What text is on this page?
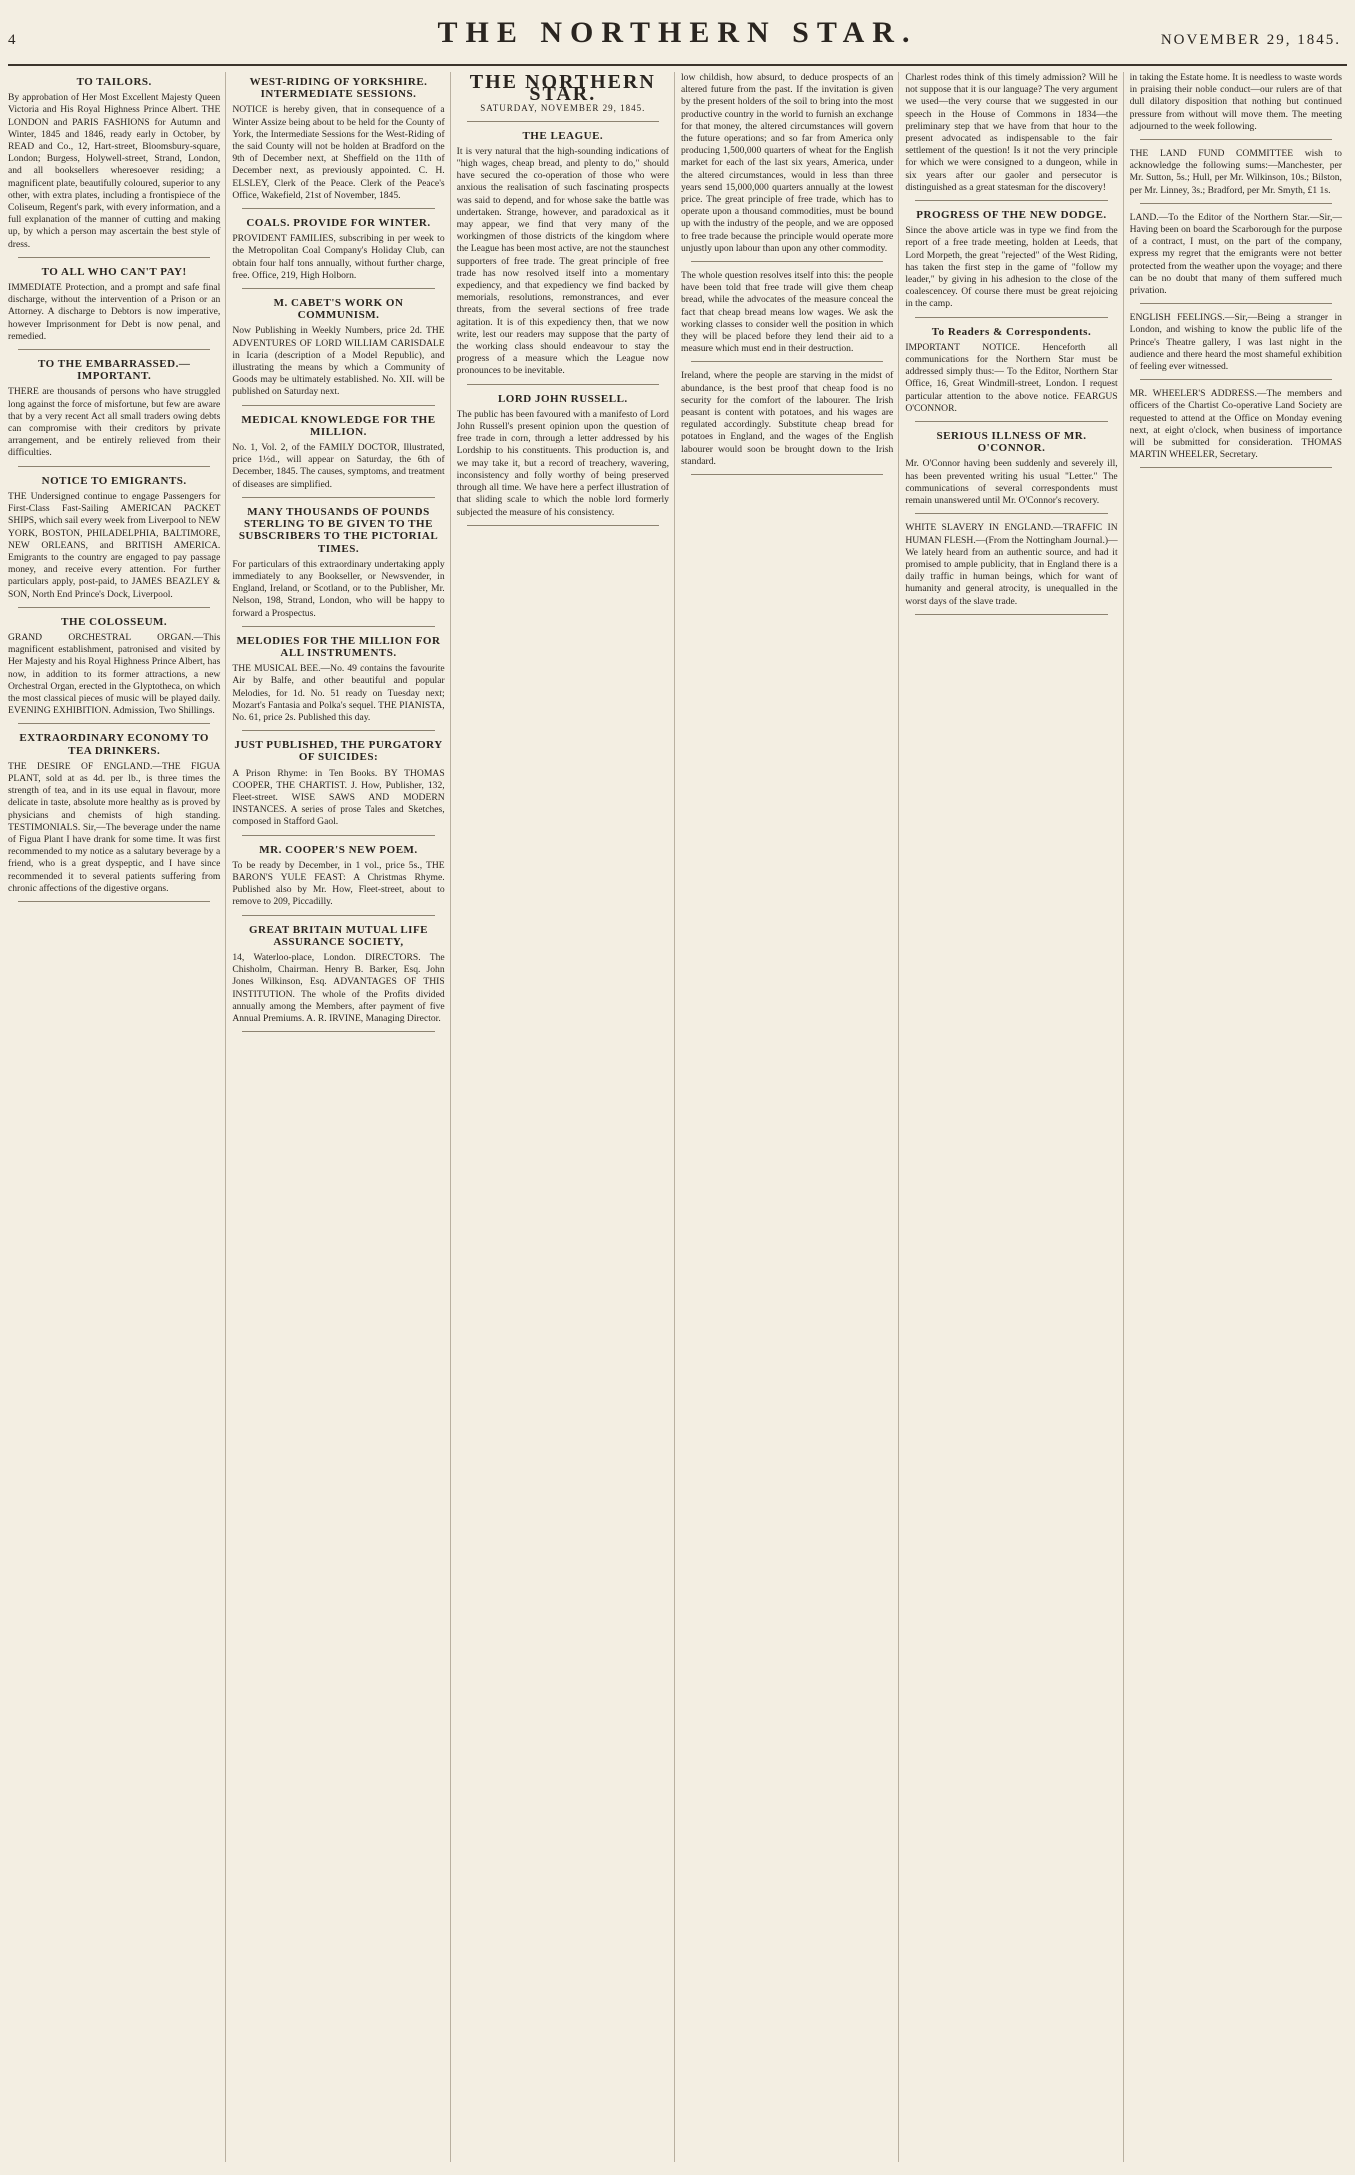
4	THE NORTHERN STAR.	NOVEMBER 29, 1845.
TO TAILORS.

By approbation of Her Most Excellent Majesty Queen Victoria and His Royal Highness Prince Albert. THE LONDON and PARIS FASHIONS for Autumn and Winter, 1845 and 1846, ready early in October, by READ and Co., 12, Hart-street, Bloomsbury-square, London; Burgess, Holywell-street, Strand, London, and all booksellers wheresoever residing; a magnificent plate, beautifully coloured, superior to any other, with extra plates, including a frontispiece of the Coliseum, Regent's park, with every information, and a full explanation of the manner of cutting and making up, by which a person may ascertain the best style of dress.

TO ALL WHO CAN'T PAY!

IMMEDIATE Protection, and a prompt and safe final discharge, without the intervention of a Prison or an Attorney. A discharge to Debtors is now imperative, however Imprisonment for Debt is now penal, and remedied.

TO THE EMBARRASSED.—IMPORTANT.

THERE are thousands of persons who have struggled long against the force of misfortune, but few are aware that by a very recent Act all small traders owing debts can compromise with their creditors by private arrangement, and be entirely relieved from their difficulties.

NOTICE TO EMIGRANTS.

THE Undersigned continue to engage Passengers for First-Class Fast-Sailing AMERICAN PACKET SHIPS, which sail every week from Liverpool to NEW YORK, BOSTON, PHILADELPHIA, BALTIMORE, NEW ORLEANS, and BRITISH AMERICA. Emigrants to the country are engaged to pay passage money, and receive every attention. For further particulars apply, post-paid, to JAMES BEAZLEY & SON, North End Prince's Dock, Liverpool.

THE COLOSSEUM.

GRAND ORCHESTRAL ORGAN.—This magnificent establishment, patronised and visited by Her Majesty and his Royal Highness Prince Albert, has now, in addition to its former attractions, a new Orchestral Organ, erected in the Glyptotheca, on which the most classical pieces of music will be played daily. EVENING EXHIBITION. Admission, Two Shillings.

EXTRAORDINARY ECONOMY TO TEA DRINKERS.

THE DESIRE OF ENGLAND.—THE FIGUA PLANT, sold at as 4d. per lb., is three times the strength of tea, and in its use equal in flavour, more delicate in taste, absolute more healthy as is proved by physicians and chemists of high standing. TESTIMONIALS. Sir,—The beverage under the name of Figua Plant I have drank for some time. It was first recommended to my notice as a salutary beverage by a friend, who is a great dyspeptic, and I have since recommended it to several patients suffering from chronic affections of the digestive organs.

WEST-RIDING OF YORKSHIRE. INTERMEDIATE SESSIONS.

NOTICE is hereby given, that in consequence of a Winter Assize being about to be held for the County of York, the Intermediate Sessions for the West-Riding of the said County will not be holden at Bradford on the 9th of December next, at Sheffield on the 11th of December next, as previously appointed. C. H. ELSLEY, Clerk of the Peace. Clerk of the Peace's Office, Wakefield, 21st of November, 1845.

COALS. PROVIDE FOR WINTER.

PROVIDENT FAMILIES, subscribing in per week to the Metropolitan Coal Company's Holiday Club, can obtain four half tons annually, without further charge, free. Office, 219, High Holborn.

M. CABET'S WORK ON COMMUNISM.

Now Publishing in Weekly Numbers, price 2d. THE ADVENTURES OF LORD WILLIAM CARISDALE in Icaria (description of a Model Republic), and illustrating the means by which a Community of Goods may be ultimately established. No. XII. will be published on Saturday next.

MEDICAL KNOWLEDGE FOR THE MILLION.

No. 1, Vol. 2, of the FAMILY DOCTOR, Illustrated, price 1½d., will appear on Saturday, the 6th of December, 1845. The causes, symptoms, and treatment of diseases are simplified.

MANY THOUSANDS OF POUNDS STERLING TO BE GIVEN TO THE SUBSCRIBERS TO THE PICTORIAL TIMES.

For particulars of this extraordinary undertaking apply immediately to any Bookseller, or Newsvender, in England, Ireland, or Scotland, or to the Publisher, Mr. Nelson, 198, Strand, London, who will be happy to forward a Prospectus.

MELODIES FOR THE MILLION FOR ALL INSTRUMENTS.

THE MUSICAL BEE.—No. 49 contains the favourite Air by Balfe, and other beautiful and popular Melodies, for 1d. No. 51 ready on Tuesday next; Mozart's Fantasia and Polka's sequel. THE PIANISTA, No. 61, price 2s. Published this day.

JUST PUBLISHED, THE PURGATORY OF SUICIDES:

A Prison Rhyme: in Ten Books. BY THOMAS COOPER, THE CHARTIST. J. How, Publisher, 132, Fleet-street. WISE SAWS AND MODERN INSTANCES. A series of prose Tales and Sketches, composed in Stafford Gaol.

MR. COOPER'S NEW POEM.

To be ready by December, in 1 vol., price 5s., THE BARON'S YULE FEAST: A Christmas Rhyme. Published also by Mr. How, Fleet-street, about to remove to 209, Piccadilly.

GREAT BRITAIN MUTUAL LIFE ASSURANCE SOCIETY,

14, Waterloo-place, London. DIRECTORS. The Chisholm, Chairman. Henry B. Barker, Esq. John Jones Wilkinson, Esq. ADVANTAGES OF THIS INSTITUTION. The whole of the Profits divided annually among the Members, after payment of five Annual Premiums. A. R. IRVINE, Managing Director.

THE NORTHERN STAR.

SATURDAY, NOVEMBER 29, 1845.

THE LEAGUE.

It is very natural that the high-sounding indications of "high wages, cheap bread, and plenty to do," should have secured the co-operation of those who were anxious the realisation of such fascinating prospects was said to depend, and for whose sake the battle was undertaken. Strange, however, and paradoxical as it may appear, we find that very many of the workingmen of those districts of the kingdom where the League has been most active, are not the staunchest supporters of free trade. The great principle of free trade has now resolved itself into a momentary expediency, and that expediency we find backed by memorials, resolutions, remonstrances, and ever threats, from the several sections of free trade agitation. It is of this expediency then, that we now write, lest our readers may suppose that the party of the working class should endeavour to stay the progress of a measure which the League now pronounces to be inevitable.

LORD JOHN RUSSELL.

The public has been favoured with a manifesto of Lord John Russell's present opinion upon the question of free trade in corn, through a letter addressed by his Lordship to his constituents. This production is, and we may take it, but a record of treachery, wavering, inconsistency and folly worthy of being preserved through all time. We have here a perfect illustration of that sliding scale to which the noble lord formerly subjected the measure of his consistency.

low childish, how absurd, to deduce prospects of an altered future from the past. If the invitation is given by the present holders of the soil to bring into the most productive country in the world to furnish an exchange for that money, the altered circumstances will govern the future operations; and so far from America only producing 1,500,000 quarters of wheat for the English market for each of the last six years, America, under the altered circumstances, would in less than three years send 15,000,000 quarters annually at the lowest price. The great principle of free trade, which has to operate upon a thousand commodities, must be bound up with the industry of the people, and we are opposed to free trade because the principle would operate more unjustly upon labour than upon any other commodity.

The whole question resolves itself into this: the people have been told that free trade will give them cheap bread, while the advocates of the measure conceal the fact that cheap bread means low wages. We ask the working classes to consider well the position in which they will be placed before they lend their aid to a measure which must end in their destruction.

Ireland, where the people are starving in the midst of abundance, is the best proof that cheap food is no security for the comfort of the labourer. The Irish peasant is content with potatoes, and his wages are regulated accordingly. Substitute cheap bread for potatoes in England, and the wages of the English labourer would soon be brought down to the Irish standard.

Charlest rodes think of this timely admission? Will he not suppose that it is our language? The very argument we used—the very course that we suggested in our speech in the House of Commons in 1834—the preliminary step that we have from that hour to the present advocated as indispensable to the fair settlement of the question! Is it not the very principle for which we were consigned to a dungeon, while in six years after our gaoler and persecutor is distinguished as a great statesman for the discovery!

PROGRESS OF THE NEW DODGE.

Since the above article was in type we find from the report of a free trade meeting, holden at Leeds, that Lord Morpeth, the great "rejected" of the West Riding, has taken the first step in the game of "follow my leader," by giving in his adhesion to the close of the coalescencey. Of course there must be great rejoicing in the camp.

To Readers & Correspondents.

IMPORTANT NOTICE. Henceforth all communications for the Northern Star must be addressed simply thus:— To the Editor, Northern Star Office, 16, Great Windmill-street, London. I request particular attention to the above notice. FEARGUS O'CONNOR.

SERIOUS ILLNESS OF MR. O'CONNOR.

Mr. O'Connor having been suddenly and severely ill, has been prevented writing his usual "Letter." The communications of several correspondents must remain unanswered until Mr. O'Connor's recovery.

WHITE SLAVERY IN ENGLAND.—TRAFFIC IN HUMAN FLESH.—(From the Nottingham Journal.)—We lately heard from an authentic source, and had it promised to ample publicity, that in England there is a daily traffic in human beings, which for want of humanity and general atrocity, is unequalled in the worst days of the slave trade.

in taking the Estate home. It is needless to waste words in praising their noble conduct—our rulers are of that dull dilatory disposition that nothing but continued pressure from without will move them. The meeting adjourned to the week following.

THE LAND FUND COMMITTEE wish to acknowledge the following sums:—Manchester, per Mr. Sutton, 5s.; Hull, per Mr. Wilkinson, 10s.; Bilston, per Mr. Linney, 3s.; Bradford, per Mr. Smyth, £1 1s.

LAND.—To the Editor of the Northern Star.—Sir,—Having been on board the Scarborough for the purpose of a contract, I must, on the part of the company, express my regret that the emigrants were not better protected from the weather upon the voyage; and there can be no doubt that many of them suffered much privation.

ENGLISH FEELINGS.—Sir,—Being a stranger in London, and wishing to know the public life of the Prince's Theatre gallery, I was last night in the audience and there heard the most shameful exhibition of feeling ever witnessed.

MR. WHEELER'S ADDRESS.—The members and officers of the Chartist Co-operative Land Society are requested to attend at the Office on Monday evening next, at eight o'clock, when business of importance will be submitted for consideration. THOMAS MARTIN WHEELER, Secretary.
